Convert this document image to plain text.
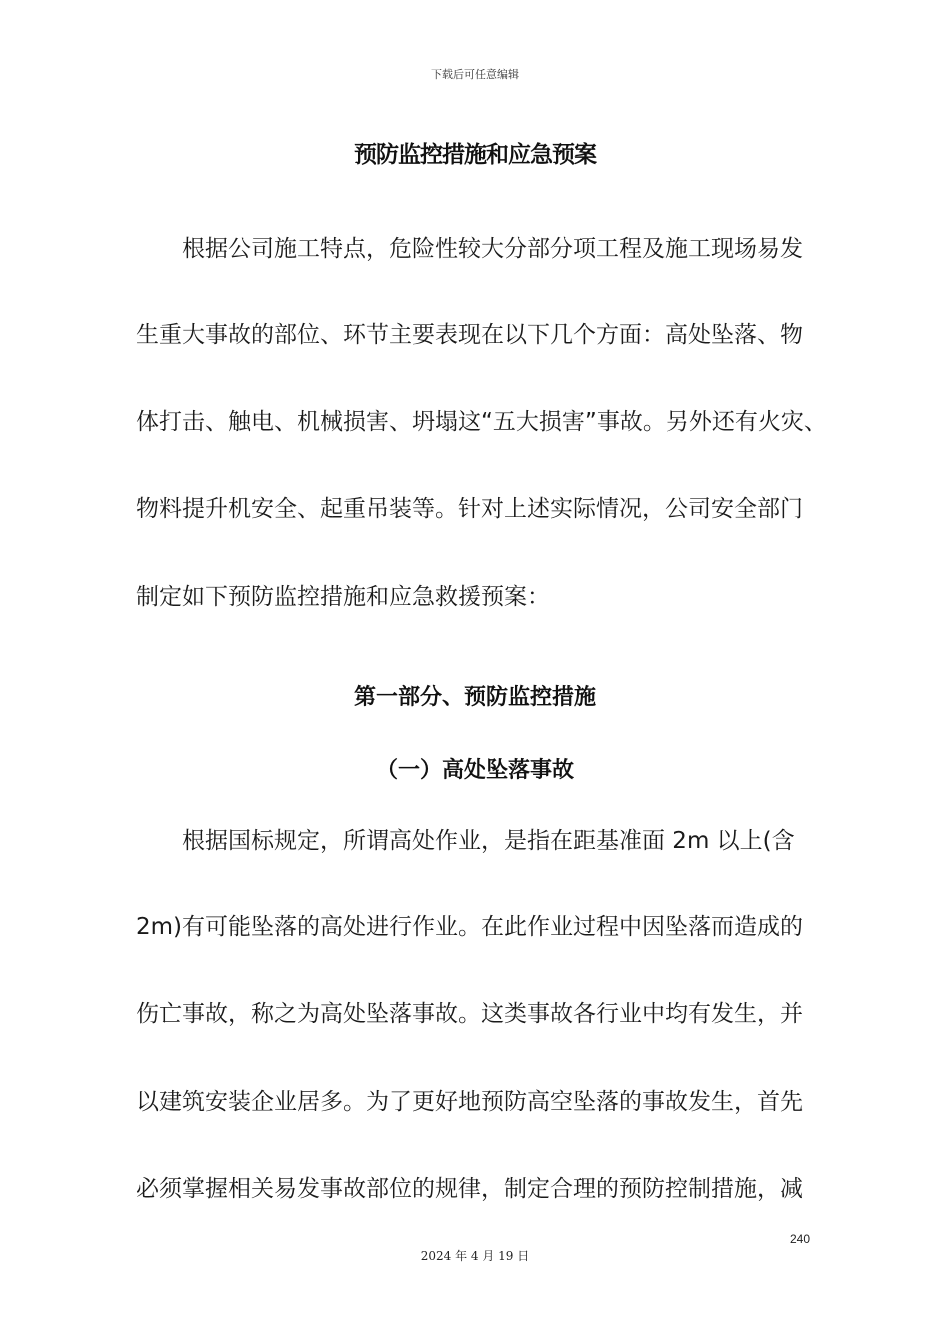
下载后可任意编辑
预防监控措施和应急预案
　　根据公司施工特点，危险性较大分部分项工程及施工现场易发
生重大事故的部位、环节主要表现在以下几个方面：高处坠落、物
体打击、触电、机械损害、坍塌这“五大损害”事故。另外还有火灾、
物料提升机安全、起重吊装等。针对上述实际情况，公司安全部门
制定如下预防监控措施和应急救援预案：
第一部分、预防监控措施
（一）高处坠落事故
　　根据国标规定，所谓高处作业，是指在距基准面 2m 以上(含
2m)有可能坠落的高处进行作业。在此作业过程中因坠落而造成的
伤亡事故，称之为高处坠落事故。这类事故各行业中均有发生，并
以建筑安装企业居多。为了更好地预防高空坠落的事故发生，首先
必须掌握相关易发事故部位的规律，制定合理的预防控制措施，减
240
2024 年 4 月 19 日
